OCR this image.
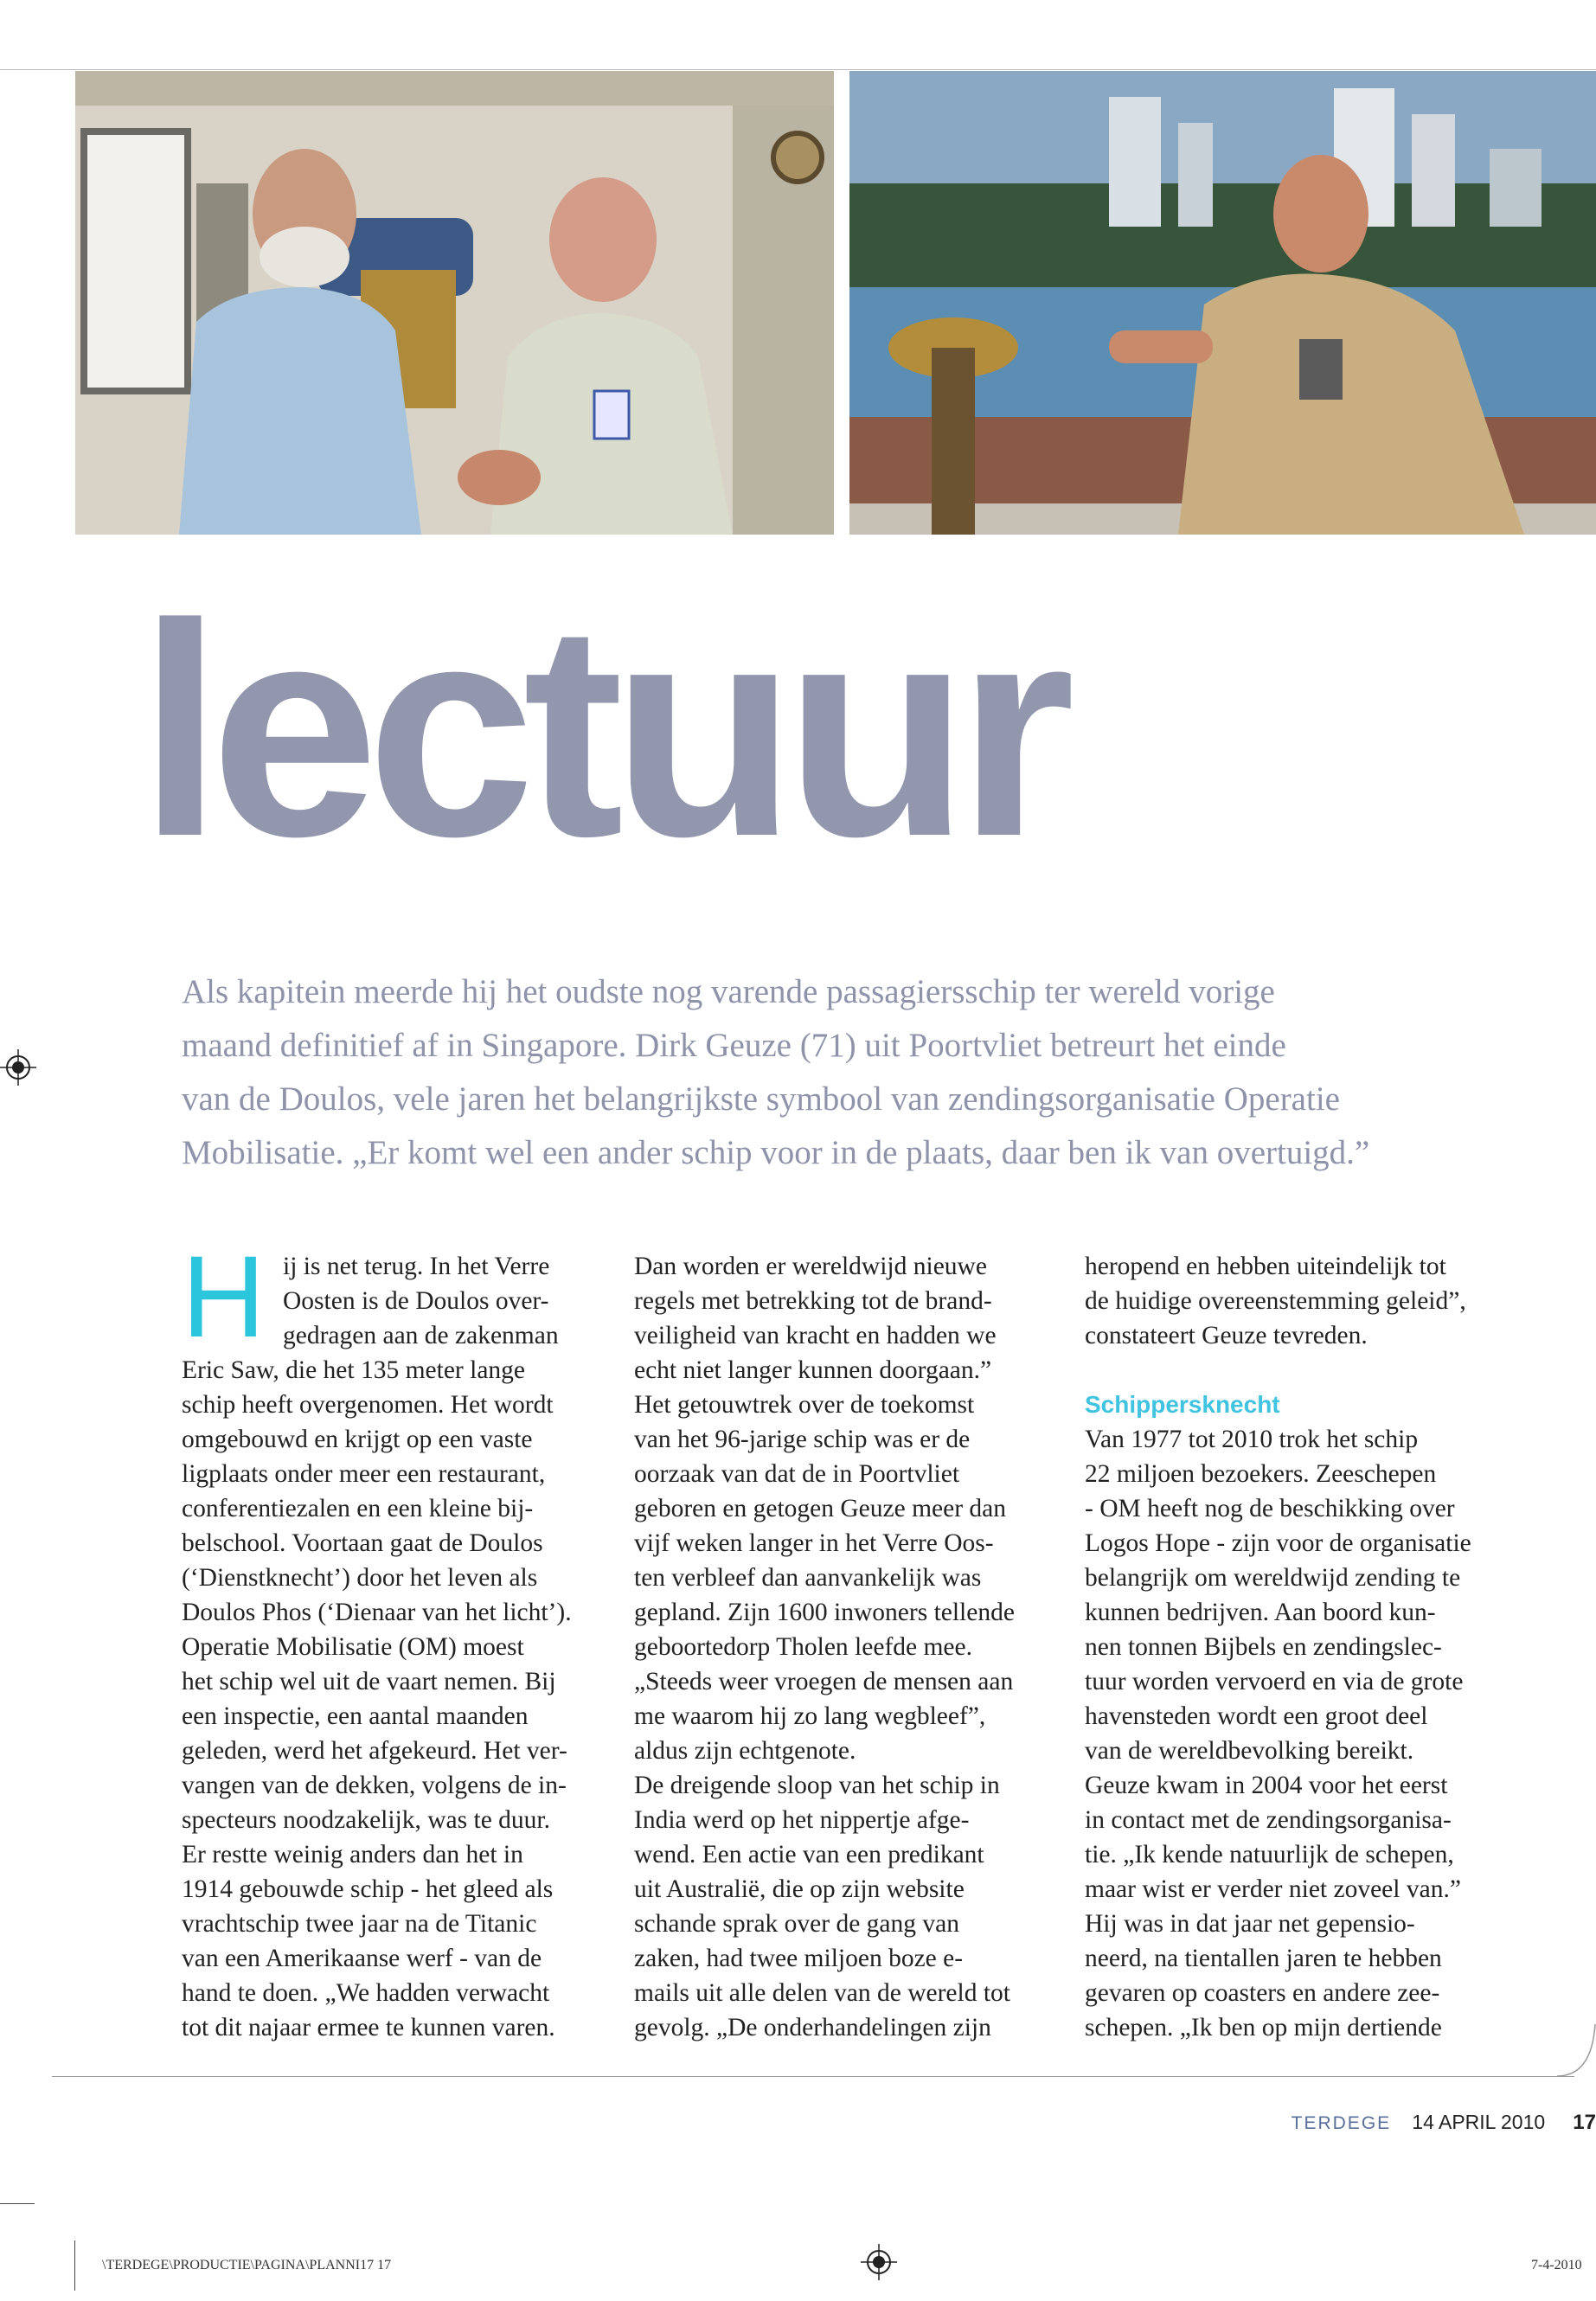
lectuur

Als kapitein meerde hij het oudste nog varende passagiersschip ter wereld vorige

maand definitief af in Singapore. Dirk Geuze (71) uit Poortvliet betreurt het einde

van de Doulos, vele jaren het belangrijkste symbool van zendingsorganisatie Operatie

Mobilisatie. „Er komt wel een ander schip voor in de plaats, daar ben ik van overtuigd.”

H ij is net terug. In het Verre

Oosten is de Doulos over-

gedragen aan de zakenman

Eric Saw, die het 135 meter lange

schip heeft overgenomen. Het wordt

omgebouwd en krijgt op een vaste

ligplaats onder meer een restaurant,

conferentiezalen en een kleine bij-

belschool. Voortaan gaat de Doulos

(‘Dienstknecht’) door het leven als

Doulos Phos (‘Dienaar van het licht’).

Operatie Mobilisatie (OM) moest

het schip wel uit de vaart nemen. Bij

een inspectie, een aantal maanden

geleden, werd het afgekeurd. Het ver-

vangen van de dekken, volgens de in-

specteurs noodzakelijk, was te duur.

Er restte weinig anders dan het in

1914 gebouwde schip - het gleed als

vrachtschip twee jaar na de Titanic

van een Amerikaanse werf - van de

hand te doen. „We hadden verwacht

tot dit najaar ermee te kunnen varen.

Dan worden er wereldwijd nieuwe

regels met betrekking tot de brand-

veiligheid van kracht en hadden we

echt niet langer kunnen doorgaan.”

Het getouwtrek over de toekomst

van het 96-jarige schip was er de

oorzaak van dat de in Poortvliet

geboren en getogen Geuze meer dan

vijf weken langer in het Verre Oos-

ten verbleef dan aanvankelijk was

gepland. Zijn 1600 inwoners tellende

geboortedorp Tholen leefde mee.

„Steeds weer vroegen de mensen aan

me waarom hij zo lang wegbleef”,

aldus zijn echtgenote.

De dreigende sloop van het schip in

India werd op het nippertje afge-

wend. Een actie van een predikant

uit Australië, die op zijn website

schande sprak over de gang van

zaken, had twee miljoen boze e-

mails uit alle delen van de wereld tot

gevolg. „De onderhandelingen zijn

heropend en hebben uiteindelijk tot

de huidige overeenstemming geleid”,

constateert Geuze tevreden.

Schippersknecht

Van 1977 tot 2010 trok het schip

22 miljoen bezoekers. Zeeschepen

- OM heeft nog de beschikking over

Logos Hope - zijn voor de organisatie

belangrijk om wereldwijd zending te

kunnen bedrijven. Aan boord kun-

nen tonnen Bijbels en zendingslec-

tuur worden vervoerd en via de grote

havensteden wordt een groot deel

van de wereldbevolking bereikt.

Geuze kwam in 2004 voor het eerst

in contact met de zendingsorganisa-

tie. „Ik kende natuurlijk de schepen,

maar wist er verder niet zoveel van.”

Hij was in dat jaar net gepensio-

neerd, na tientallen jaren te hebben

gevaren op coasters en andere zee-

schepen. „Ik ben op mijn dertiende

TERDEGE 14 APRIL 2010 17
\TERDEGE\PRODUCTIE\PAGINA\PLANNI17 17	7-4-2010
